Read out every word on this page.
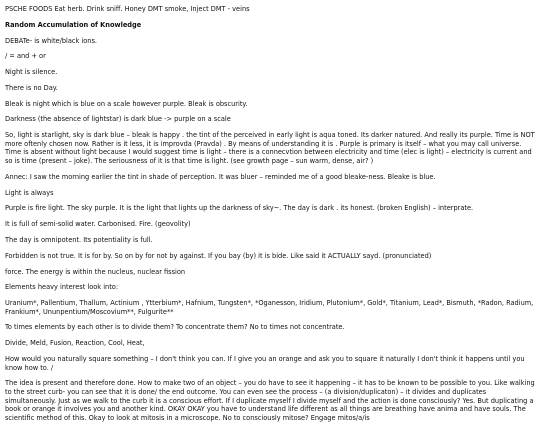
PSCHE FOODS Eat herb. Drink sniff. Honey DMT smoke, Inject DMT - veins

Random Accumulation of Knowledge

DEBATe- is white/black ions.

/ = and + or

Night is silence.

There is no Day.

Bleak is night which is blue on a scale however purple. Bleak is obscurity.

Darkness (the absence of lightstar) is dark blue -> purple on a scale

So, light is starlight, sky is dark blue – bleak is happy . the tint of the perceived in early light is aqua toned. Its darker natured. And really its purple. Time is NOT more oftenly chosen now. Rather is it less, it is improvda (Pravda) . By means of understanding it is . Purple is primary is itself – what you may call universe. Time is absent without light because I would suggest time is light – there is a connecvtion between electricity and time (elec is light) – electricity is current and so is time (present – joke). The seriousness of it is that time is light. (see growth page – sun warm, dense, air? )

Annec: I saw the morning earlier the tint in shade of perception. It was bluer – reminded me of a good bleake-ness. Bleake is blue.

Light is always

Purple is fire light. The sky purple. It is the light that lights up the darkness of sky~. The day is dark . its honest. (broken English) – interprate.

It is full of semi-solid water. Carbonised. Fire. (geovolity)

The day is omnipotent. Its potentiality is full.

Forbidden is not true. It is for by. So on by for not by against. If you bay (by) it is bide. Like said it ACTUALLY sayd. (pronunciated)

force. The energy is within the nucleus, nuclear fission

Elements heavy interest look into:

Uranium*, Pallentium, Thallum, Actinium , Ytterbium*, Hafnium, Tungsten*, *Oganesson, Iridium, Plutonium*, Gold*, Titanium, Lead*, Bismuth, *Radon, Radium, Frankium*, Ununpentium/Moscovium**, Fulgurite**

To times elements by each other is to divide them? To concentrate them? No to times not concentrate.

Divide, Meld, Fusion, Reaction, Cool, Heat,

How would you naturally square something – I don't think you can. If I give you an orange and ask you to square it naturally I don't think it happens until you know how to. /

The idea is present and therefore done. How to make two of an object – you do have to see it happening – it has to be known to be possible to you. Like walking to the street curb- you can see that it is done/ the end outcome. You can even see the process – (a division/duplicaton) – it divides and duplicates simultaneously. Just as we walk to the curb it is a conscious effort. If I duplicate myself I divide myself and the action is done consciously? Yes. But duplicating a book or orange it involves you and another kind. OKAY OKAY you have to understand life different as all things are breathing have anima and have souls. The scientific method of this. Okay to look at mitosis in a microscope. No to consciously mitose? Engage mitos/a/is
